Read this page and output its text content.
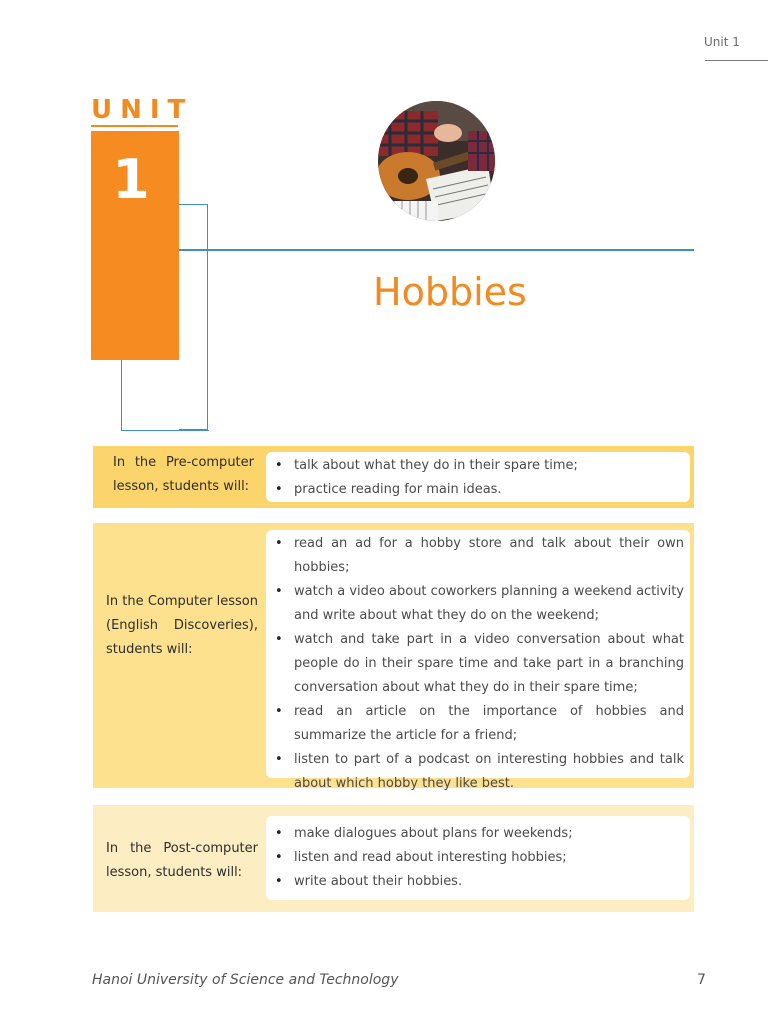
Unit 1
UNIT
1
Hobbies
In the Pre-computer lesson, students will:
• talk about what they do in their spare time;
• practice reading for main ideas.
In the Computer lesson (English Discoveries), students will:
• read an ad for a hobby store and talk about their own hobbies;
• watch a video about coworkers planning a weekend activity and write about what they do on the weekend;
• watch and take part in a video conversation about what people do in their spare time and take part in a branching conversation about what they do in their spare time;
• read an article on the importance of hobbies and summarize the article for a friend;
• listen to part of a podcast on interesting hobbies and talk about which hobby they like best.
In the Post-computer lesson, students will:
• make dialogues about plans for weekends;
• listen and read about interesting hobbies;
• write about their hobbies.
Hanoi University of Science and Technology	7
